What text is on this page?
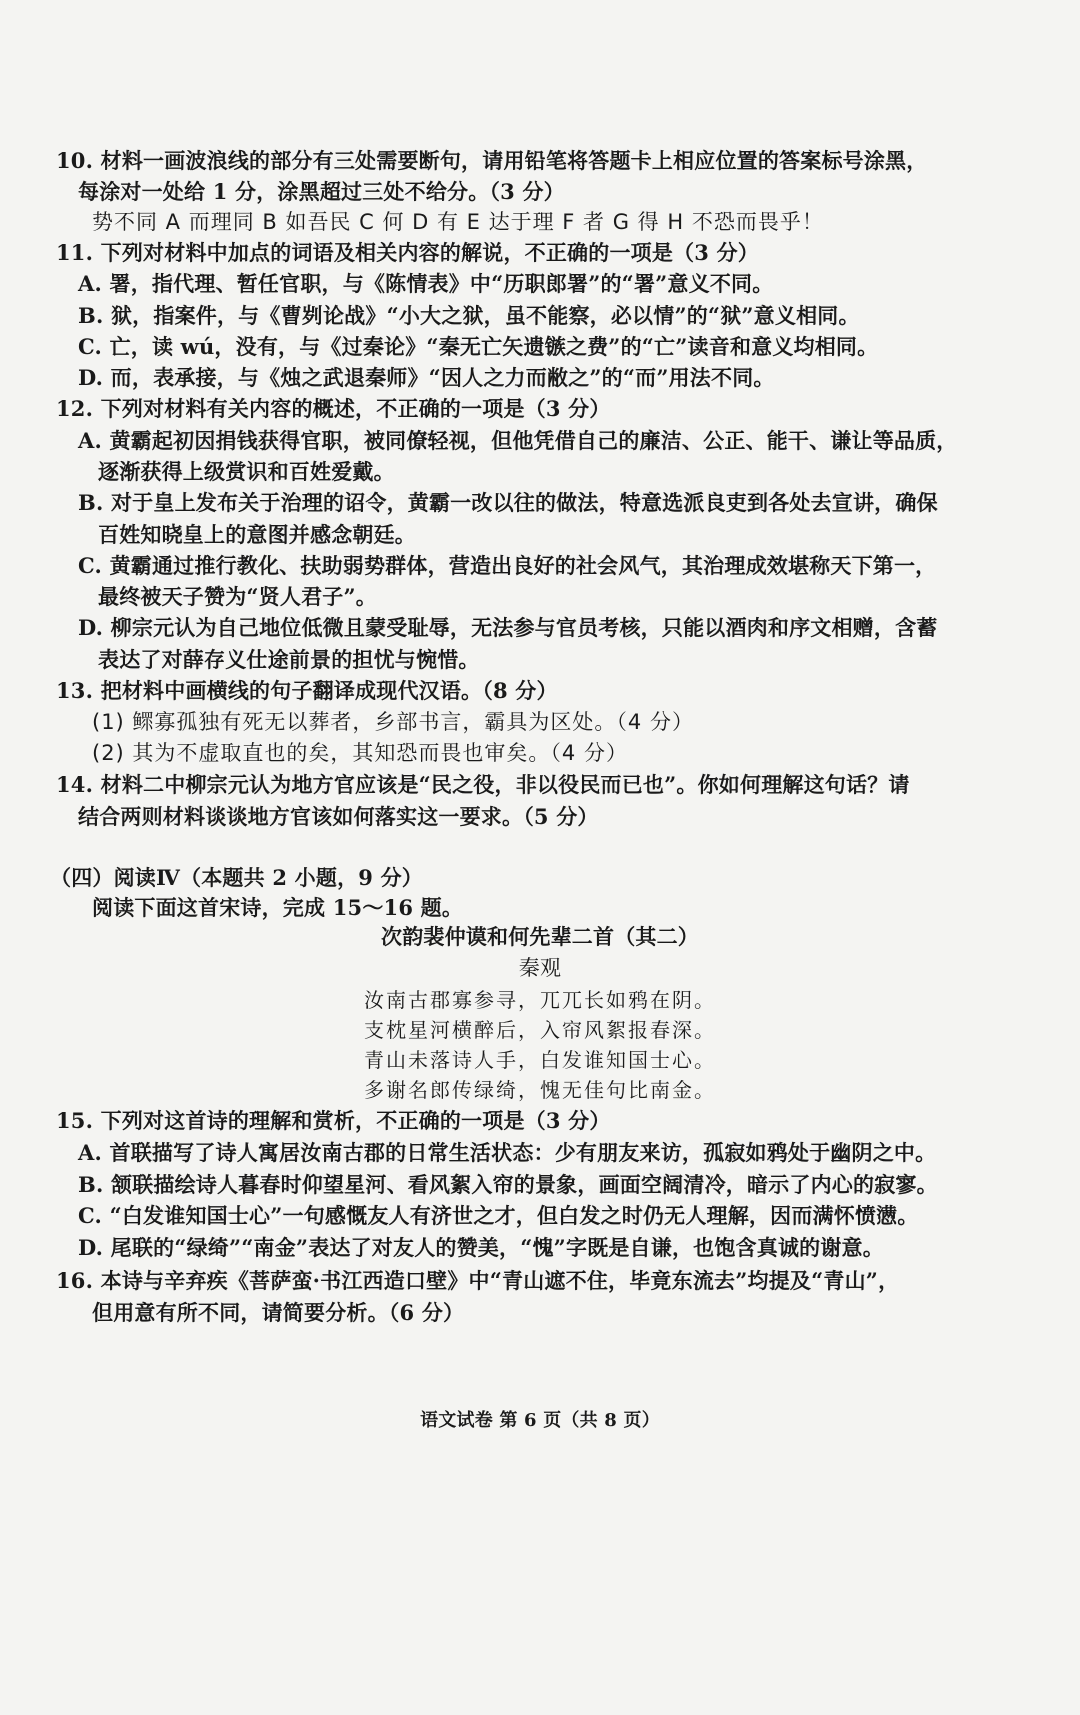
10. 材料一画波浪线的部分有三处需要断句，请用铅笔将答题卡上相应位置的答案标号涂黑，
每涂对一处给 1 分，涂黑超过三处不给分。（3 分）
势不同 A 而理同 B 如吾民 C 何 D 有 E 达于理 F 者 G 得 H 不恐而畏乎！
11. 下列对材料中加点的词语及相关内容的解说，不正确的一项是（3 分）
A. 署，指代理、暂任官职，与《陈情表》中“历职郎署”的“署”意义不同。
B. 狱，指案件，与《曹刿论战》“小大之狱，虽不能察，必以情”的“狱”意义相同。
C. 亡，读 wú，没有，与《过秦论》“秦无亡矢遗镞之费”的“亡”读音和意义均相同。
D. 而，表承接，与《烛之武退秦师》“因人之力而敝之”的“而”用法不同。
12. 下列对材料有关内容的概述，不正确的一项是（3 分）
A. 黄霸起初因捐钱获得官职，被同僚轻视，但他凭借自己的廉洁、公正、能干、谦让等品质，
逐渐获得上级赏识和百姓爱戴。
B. 对于皇上发布关于治理的诏令，黄霸一改以往的做法，特意选派良吏到各处去宣讲，确保
百姓知晓皇上的意图并感念朝廷。
C. 黄霸通过推行教化、扶助弱势群体，营造出良好的社会风气，其治理成效堪称天下第一，
最终被天子赞为“贤人君子”。
D. 柳宗元认为自己地位低微且蒙受耻辱，无法参与官员考核，只能以酒肉和序文相赠，含蓄
表达了对薛存义仕途前景的担忧与惋惜。
13. 把材料中画横线的句子翻译成现代汉语。（8 分）
(1) 鳏寡孤独有死无以葬者，乡部书言，霸具为区处。（4 分）
(2) 其为不虚取直也的矣，其知恐而畏也审矣。（4 分）
14. 材料二中柳宗元认为地方官应该是“民之役，非以役民而已也”。你如何理解这句话？请
结合两则材料谈谈地方官该如何落实这一要求。（5 分）
（四）阅读Ⅳ（本题共 2 小题，9 分）
阅读下面这首宋诗，完成 15～16 题。
次韵裴仲谟和何先辈二首（其二）
秦观
汝南古郡寡参寻，兀兀长如鸦在阴。
支枕星河横醉后，入帘风絮报春深。
青山未落诗人手，白发谁知国士心。
多谢名郎传绿绮，愧无佳句比南金。
15. 下列对这首诗的理解和赏析，不正确的一项是（3 分）
A. 首联描写了诗人寓居汝南古郡的日常生活状态：少有朋友来访，孤寂如鸦处于幽阴之中。
B. 颔联描绘诗人暮春时仰望星河、看风絮入帘的景象，画面空阔清冷，暗示了内心的寂寥。
C. “白发谁知国士心”一句感慨友人有济世之才，但白发之时仍无人理解，因而满怀愤懑。
D. 尾联的“绿绮”“南金”表达了对友人的赞美，“愧”字既是自谦，也饱含真诚的谢意。
16. 本诗与辛弃疾《菩萨蛮·书江西造口壁》中“青山遮不住，毕竟东流去”均提及“青山”，
但用意有所不同，请简要分析。（6 分）
语文试卷 第 6 页（共 8 页）
